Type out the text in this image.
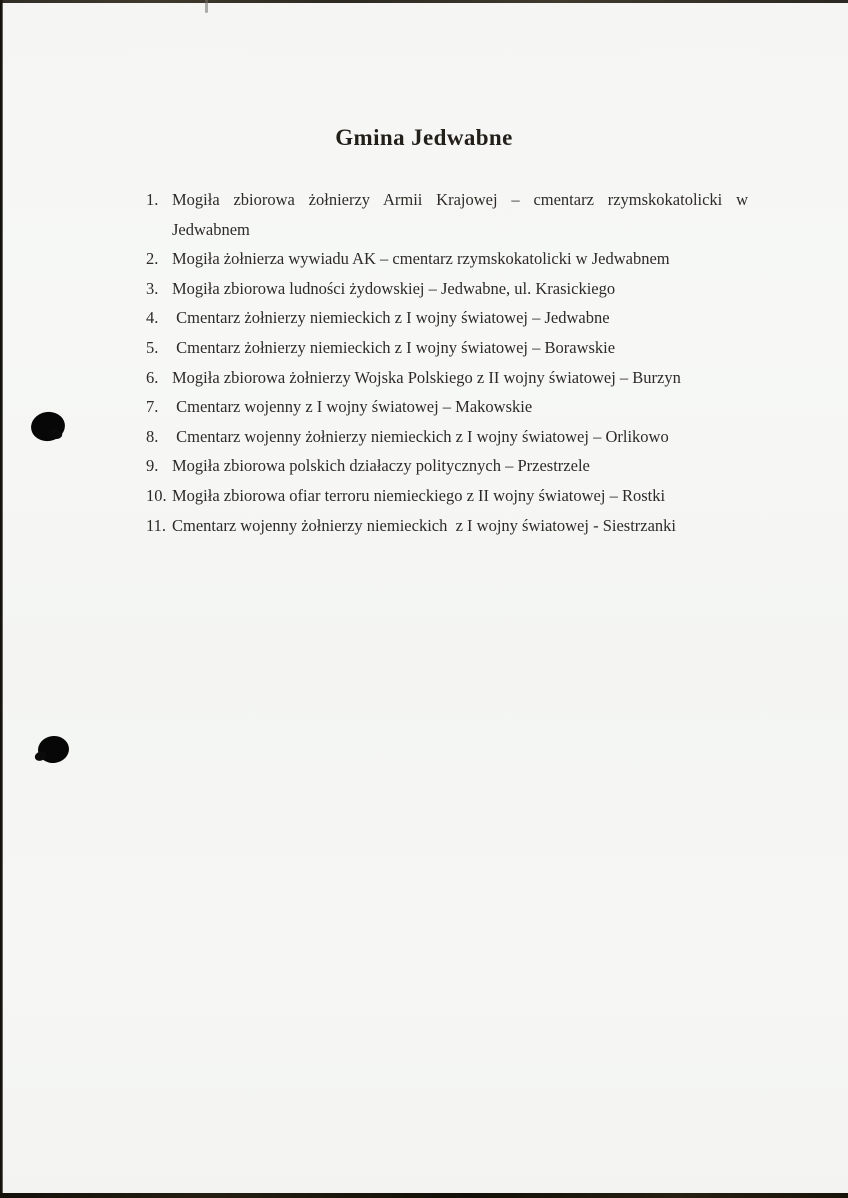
Gmina Jedwabne
1. Mogiła zbiorowa żołnierzy Armii Krajowej – cmentarz rzymskokatolicki w
Jedwabnem
2. Mogiła żołnierza wywiadu AK – cmentarz rzymskokatolicki w Jedwabnem
3. Mogiła zbiorowa ludności żydowskiej – Jedwabne, ul. Krasickiego
4. Cmentarz żołnierzy niemieckich z I wojny światowej – Jedwabne
5. Cmentarz żołnierzy niemieckich z I wojny światowej – Borawskie
6. Mogiła zbiorowa żołnierzy Wojska Polskiego z II wojny światowej – Burzyn
7. Cmentarz wojenny z I wojny światowej – Makowskie
8. Cmentarz wojenny żołnierzy niemieckich z I wojny światowej – Orlikowo
9. Mogiła zbiorowa polskich działaczy politycznych – Przestrzele
10. Mogiła zbiorowa ofiar terroru niemieckiego z II wojny światowej – Rostki
11. Cmentarz wojenny żołnierzy niemieckich  z I wojny światowej - Siestrzanki
